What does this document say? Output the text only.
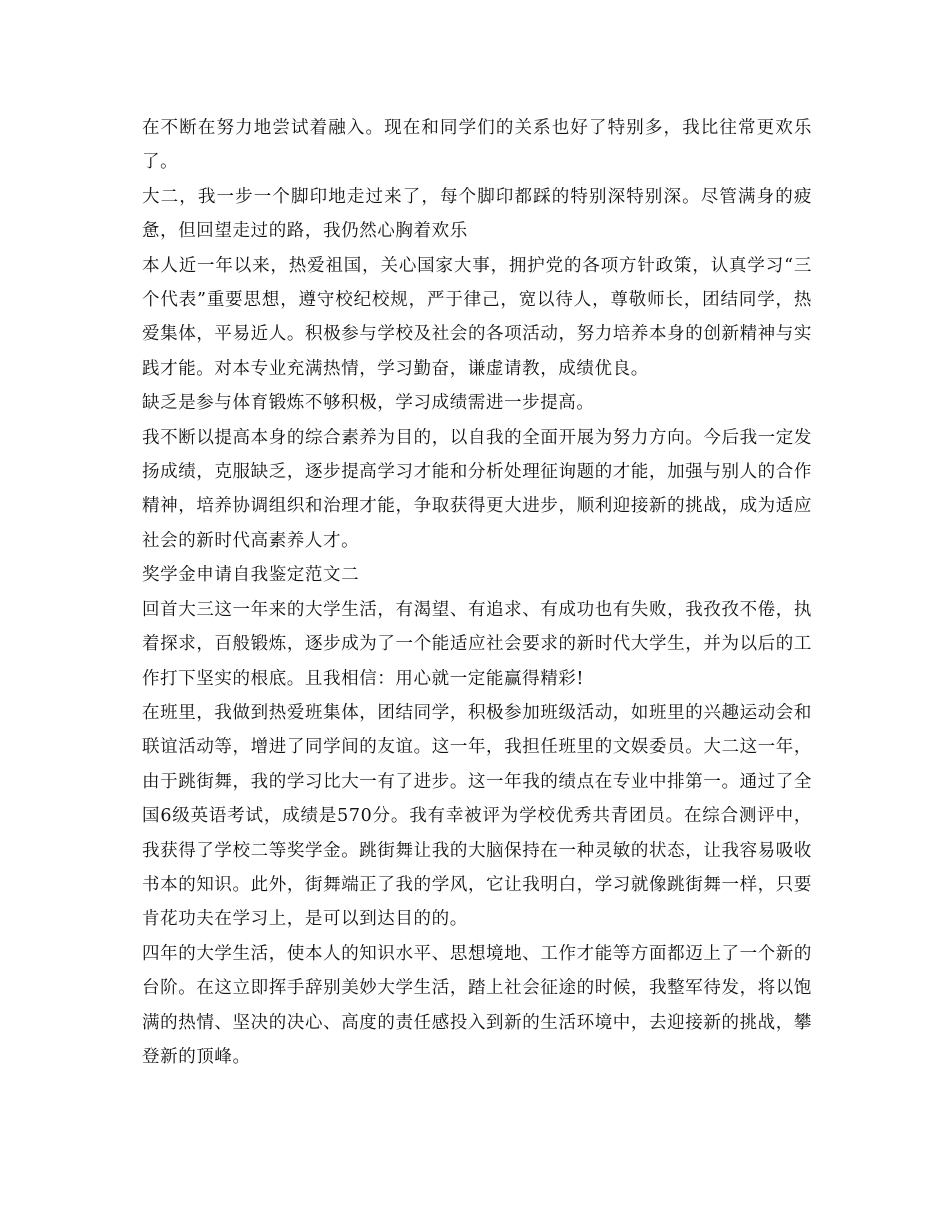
在不断在努力地尝试着融入。现在和同学们的关系也好了特别多，我比往常更欢乐了。

大二，我一步一个脚印地走过来了，每个脚印都踩的特别深特别深。尽管满身的疲惫，但回望走过的路，我仍然心胸着欢乐

本人近一年以来，热爱祖国，关心国家大事，拥护党的各项方针政策，认真学习“三个代表”重要思想，遵守校纪校规，严于律己，宽以待人，尊敬师长，团结同学，热爱集体，平易近人。积极参与学校及社会的各项活动，努力培养本身的创新精神与实践才能。对本专业充满热情，学习勤奋，谦虚请教，成绩优良。

缺乏是参与体育锻炼不够积极，学习成绩需进一步提高。

我不断以提高本身的综合素养为目的，以自我的全面开展为努力方向。今后我一定发扬成绩，克服缺乏，逐步提高学习才能和分析处理征询题的才能，加强与别人的合作精神，培养协调组织和治理才能，争取获得更大进步，顺利迎接新的挑战，成为适应社会的新时代高素养人才。

奖学金申请自我鉴定范文二

回首大三这一年来的大学生活，有渴望、有追求、有成功也有失败，我孜孜不倦，执着探求，百般锻炼，逐步成为了一个能适应社会要求的新时代大学生，并为以后的工作打下坚实的根底。且我相信：用心就一定能赢得精彩!

在班里，我做到热爱班集体，团结同学，积极参加班级活动，如班里的兴趣运动会和联谊活动等，增进了同学间的友谊。这一年，我担任班里的文娱委员。大二这一年，由于跳街舞，我的学习比大一有了进步。这一年我的绩点在专业中排第一。通过了全国6级英语考试，成绩是570分。我有幸被评为学校优秀共青团员。在综合测评中，我获得了学校二等奖学金。跳街舞让我的大脑保持在一种灵敏的状态，让我容易吸收书本的知识。此外，街舞端正了我的学风，它让我明白，学习就像跳街舞一样，只要肯花功夫在学习上，是可以到达目的的。

四年的大学生活，使本人的知识水平、思想境地、工作才能等方面都迈上了一个新的台阶。在这立即挥手辞别美妙大学生活，踏上社会征途的时候，我整军待发，将以饱满的热情、坚决的决心、高度的责任感投入到新的生活环境中，去迎接新的挑战，攀登新的顶峰。
